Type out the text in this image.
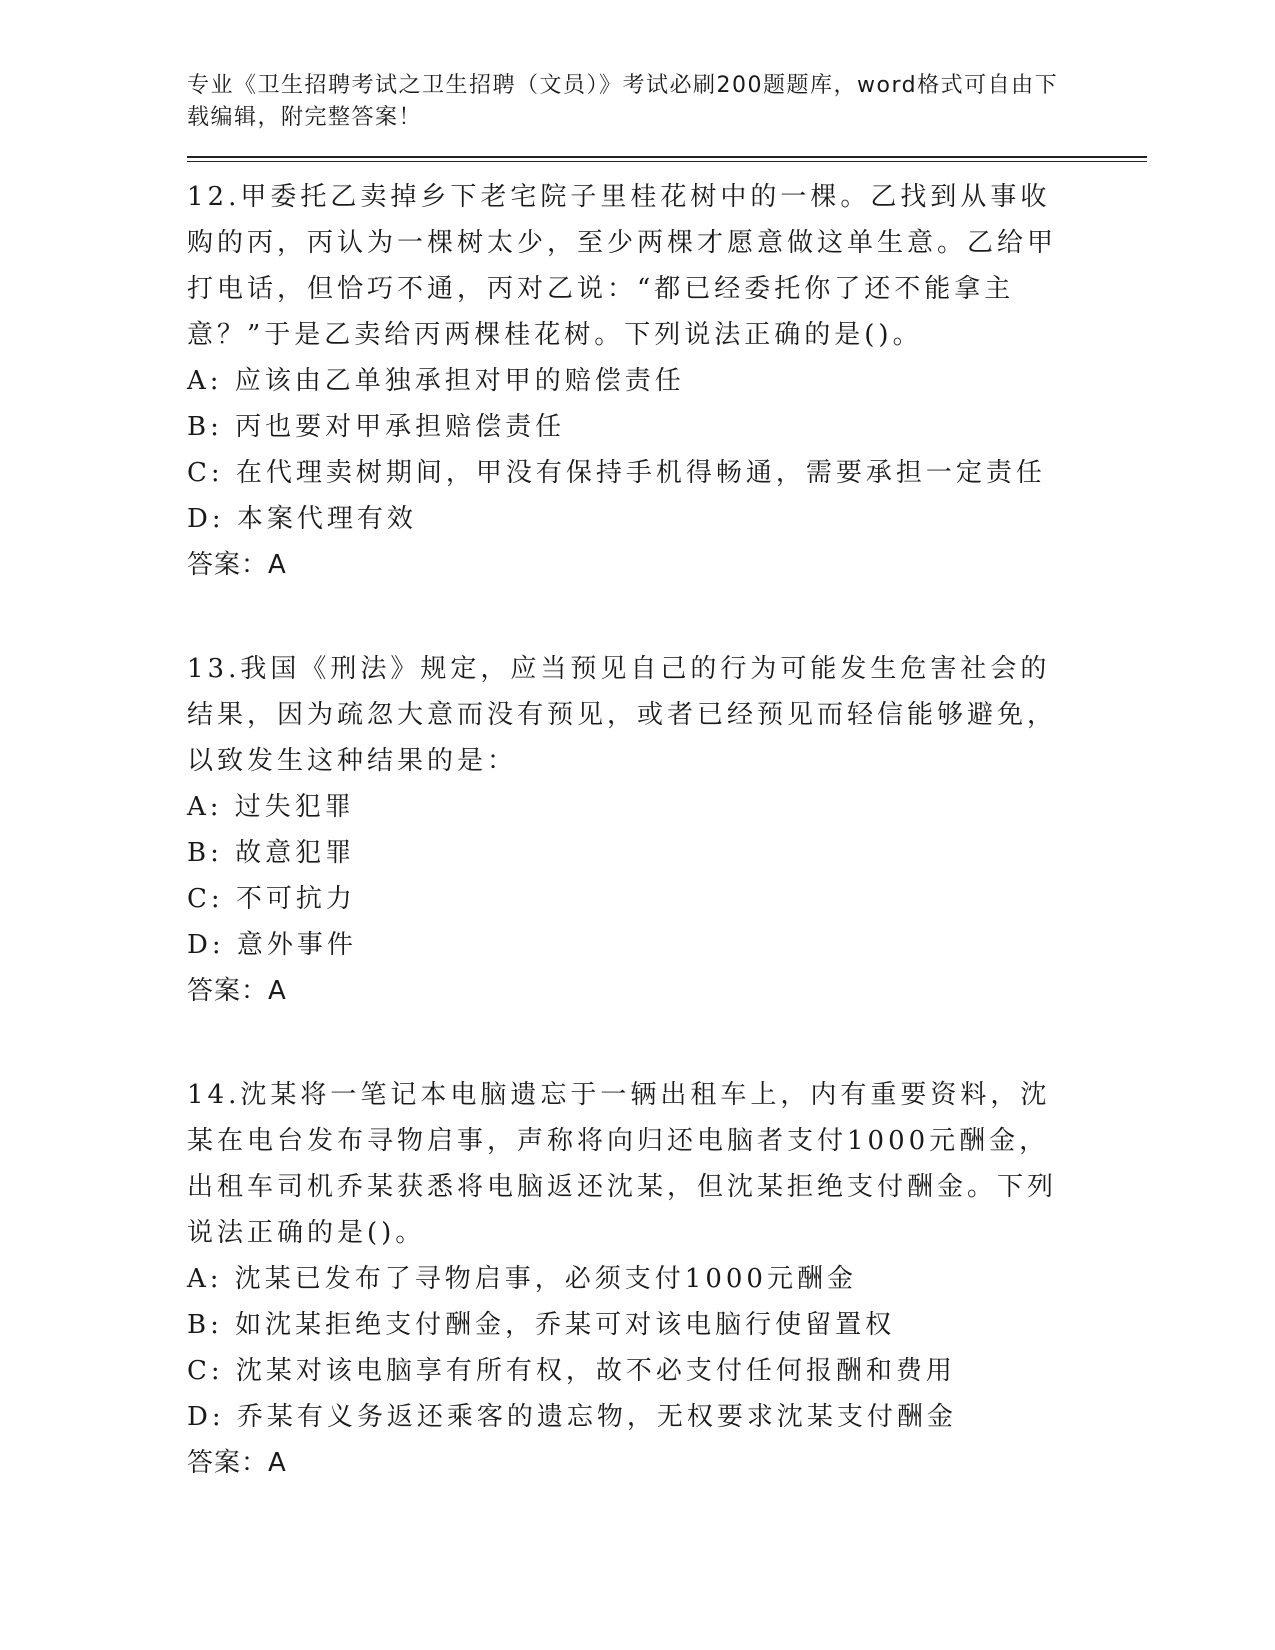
专业《卫生招聘考试之卫生招聘（文员）》考试必刷200题题库，word格式可自由下载编辑，附完整答案！
12.甲委托乙卖掉乡下老宅院子里桂花树中的一棵。乙找到从事收购的丙，丙认为一棵树太少，至少两棵才愿意做这单生意。乙给甲打电话，但恰巧不通，丙对乙说：“都已经委托你了还不能拿主意？”于是乙卖给丙两棵桂花树。下列说法正确的是()。
A: 应该由乙单独承担对甲的赔偿责任
B: 丙也要对甲承担赔偿责任
C: 在代理卖树期间，甲没有保持手机得畅通，需要承担一定责任
D: 本案代理有效
答案：A
13.我国《刑法》规定，应当预见自己的行为可能发生危害社会的结果，因为疏忽大意而没有预见，或者已经预见而轻信能够避免，以致发生这种结果的是：
A: 过失犯罪
B: 故意犯罪
C: 不可抗力
D: 意外事件
答案：A
14.沈某将一笔记本电脑遗忘于一辆出租车上，内有重要资料，沈某在电台发布寻物启事，声称将向归还电脑者支付1000元酬金，出租车司机乔某获悉将电脑返还沈某，但沈某拒绝支付酬金。下列说法正确的是()。
A: 沈某已发布了寻物启事，必须支付1000元酬金
B: 如沈某拒绝支付酬金，乔某可对该电脑行使留置权
C: 沈某对该电脑享有所有权，故不必支付任何报酬和费用
D: 乔某有义务返还乘客的遗忘物，无权要求沈某支付酬金
答案：A
